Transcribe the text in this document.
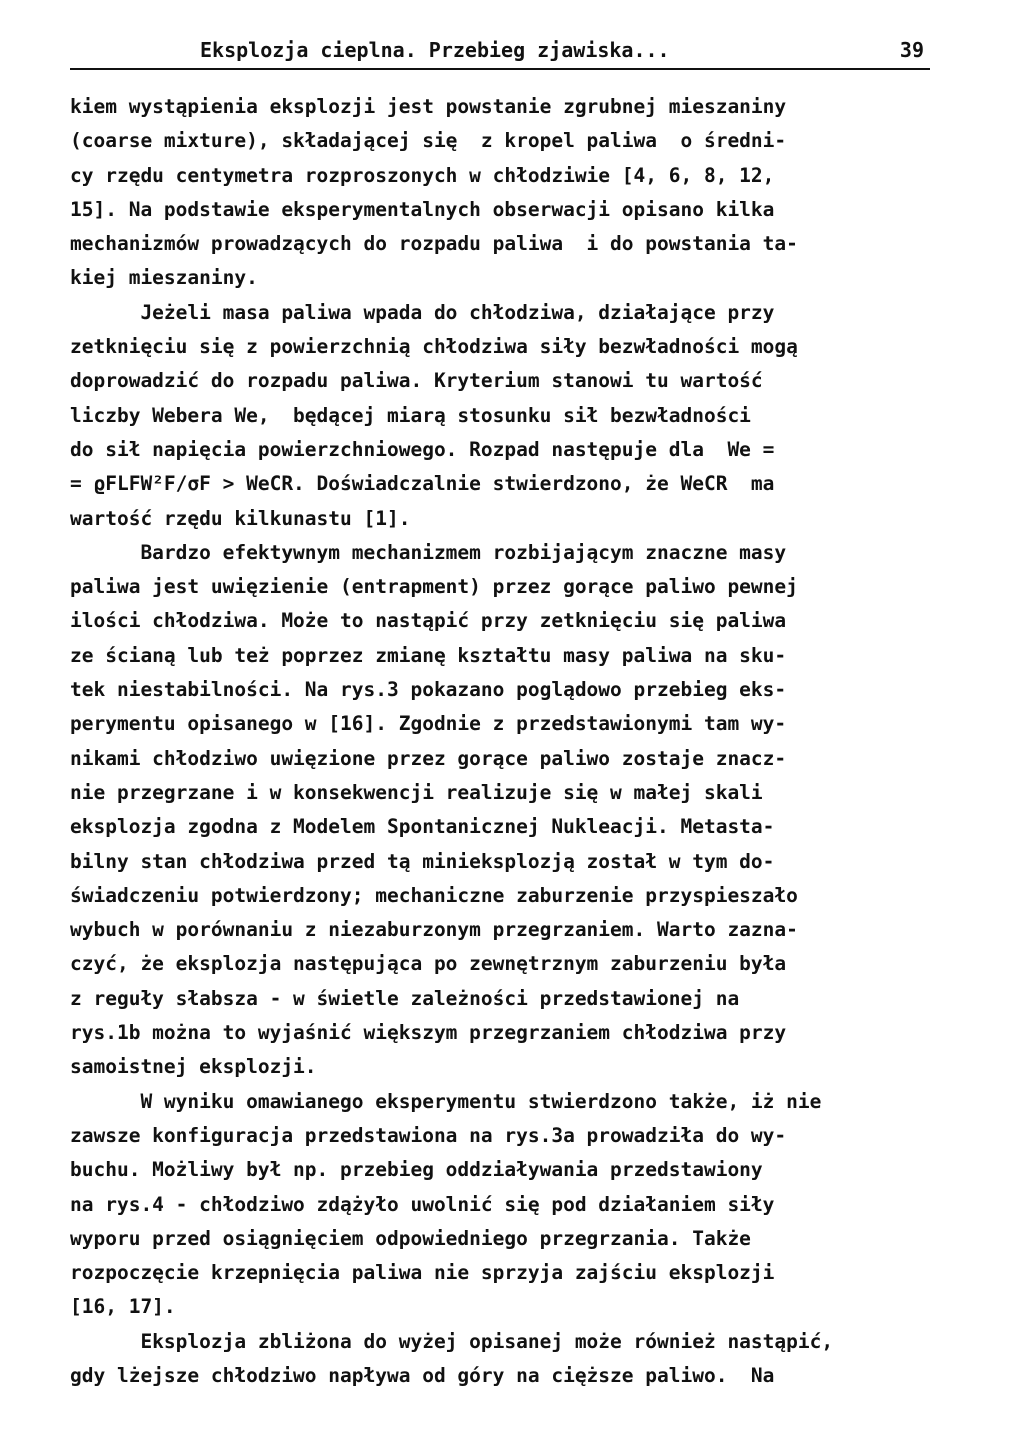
Eksplozja cieplna. Przebieg zjawiska...	39
kiem wystąpienia eksplozji jest powstanie zgrubnej mieszaniny
(coarse mixture), składającej się  z kropel paliwa  o średni-
cy rzędu centymetra rozproszonych w chłodziwie [4, 6, 8, 12,
15]. Na podstawie eksperymentalnych obserwacji opisano kilka
mechanizmów prowadzących do rozpadu paliwa  i do powstania ta-
kiej mieszaniny.
Jeżeli masa paliwa wpada do chłodziwa, działające przy
zetknięciu się z powierzchnią chłodziwa siły bezwładności mogą
doprowadzić do rozpadu paliwa. Kryterium stanowi tu wartość
liczby Webera We,  będącej miarą stosunku sił bezwładności
do sił napięcia powierzchniowego. Rozpad następuje dla  We =
= ϱFLFW²F/σF > WeCR. Doświadczalnie stwierdzono, że WeCR  ma
wartość rzędu kilkunastu [1].
Bardzo efektywnym mechanizmem rozbijającym znaczne masy
paliwa jest uwięzienie (entrapment) przez gorące paliwo pewnej
ilości chłodziwa. Może to nastąpić przy zetknięciu się paliwa
ze ścianą lub też poprzez zmianę kształtu masy paliwa na sku-
tek niestabilności. Na rys.3 pokazano poglądowo przebieg eks-
perymentu opisanego w [16]. Zgodnie z przedstawionymi tam wy-
nikami chłodziwo uwięzione przez gorące paliwo zostaje znacz-
nie przegrzane i w konsekwencji realizuje się w małej skali
eksplozja zgodna z Modelem Spontanicznej Nukleacji. Metasta-
bilny stan chłodziwa przed tą minieksplozją został w tym do-
świadczeniu potwierdzony; mechaniczne zaburzenie przyspieszało
wybuch w porównaniu z niezaburzonym przegrzaniem. Warto zazna-
czyć, że eksplozja następująca po zewnętrznym zaburzeniu była
z reguły słabsza - w świetle zależności przedstawionej na
rys.1b można to wyjaśnić większym przegrzaniem chłodziwa przy
samoistnej eksplozji.
W wyniku omawianego eksperymentu stwierdzono także, iż nie
zawsze konfiguracja przedstawiona na rys.3a prowadziła do wy-
buchu. Możliwy był np. przebieg oddziaływania przedstawiony
na rys.4 - chłodziwo zdążyło uwolnić się pod działaniem siły
wyporu przed osiągnięciem odpowiedniego przegrzania. Także
rozpoczęcie krzepnięcia paliwa nie sprzyja zajściu eksplozji
[16, 17].
Eksplozja zbliżona do wyżej opisanej może również nastąpić,
gdy lżejsze chłodziwo napływa od góry na cięższe paliwo.  Na
